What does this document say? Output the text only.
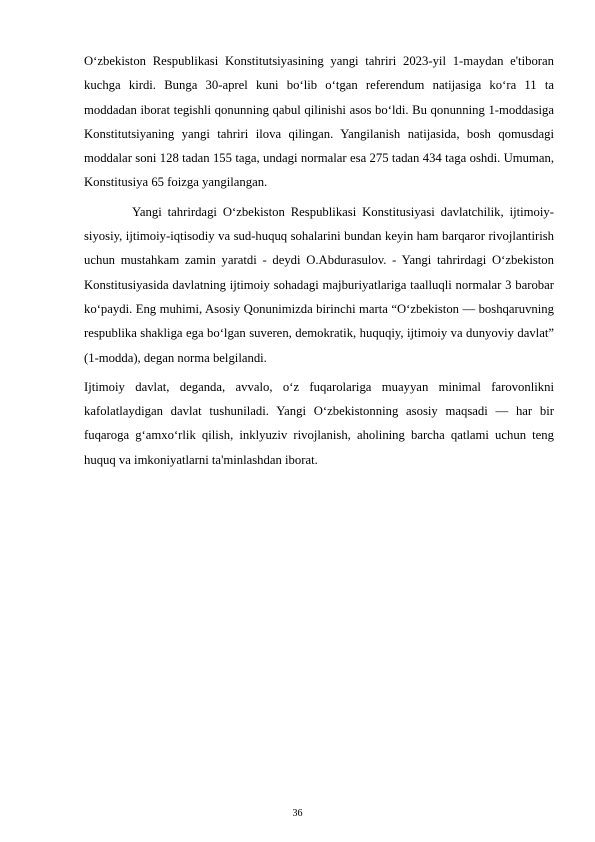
O‘zbekiston Respublikasi Konstitutsiyasining yangi tahriri 2023-yil 1-maydan e'tiboran kuchga kirdi. Bunga 30-aprel kuni bo‘lib o‘tgan referendum natijasiga ko‘ra 11 ta moddadan iborat tegishli qonunning qabul qilinishi asos bo‘ldi. Bu qonunning 1-moddasiga Konstitutsiyaning yangi tahriri ilova qilingan. Yangilanish natijasida, bosh qomusdagi moddalar soni 128 tadan 155 taga, undagi normalar esa 275 tadan 434 taga oshdi. Umuman, Konstitusiya 65 foizga yangilangan.

Yangi tahrirdagi O‘zbekiston Respublikasi Konstitusiyasi davlatchilik, ijtimoiy-siyosiy, ijtimoiy-iqtisodiy va sud-huquq sohalarini bundan keyin ham barqaror rivojlantirish uchun mustahkam zamin yaratdi - deydi O.Abdurasulov. - Yangi tahrirdagi O‘zbekiston Konstitusiyasida davlatning ijtimoiy sohadagi majburiyatlariga taalluqli normalar 3 barobar ko‘paydi. Eng muhimi, Asosiy Qonunimizda birinchi marta “O‘zbekiston — boshqaruvning respublika shakliga ega bo‘lgan suveren, demokratik, huquqiy, ijtimoiy va dunyoviy davlat” (1-modda), degan norma belgilandi.

Ijtimoiy davlat, deganda, avvalo, o‘z fuqarolariga muayyan minimal farovonlikni kafolatlaydigan davlat tushuniladi. Yangi O‘zbekistonning asosiy maqsadi — har bir fuqaroga g‘amxo‘rlik qilish, inklyuziv rivojlanish, aholining barcha qatlami uchun teng huquq va imkoniyatlarni ta'minlashdan iborat.

36
